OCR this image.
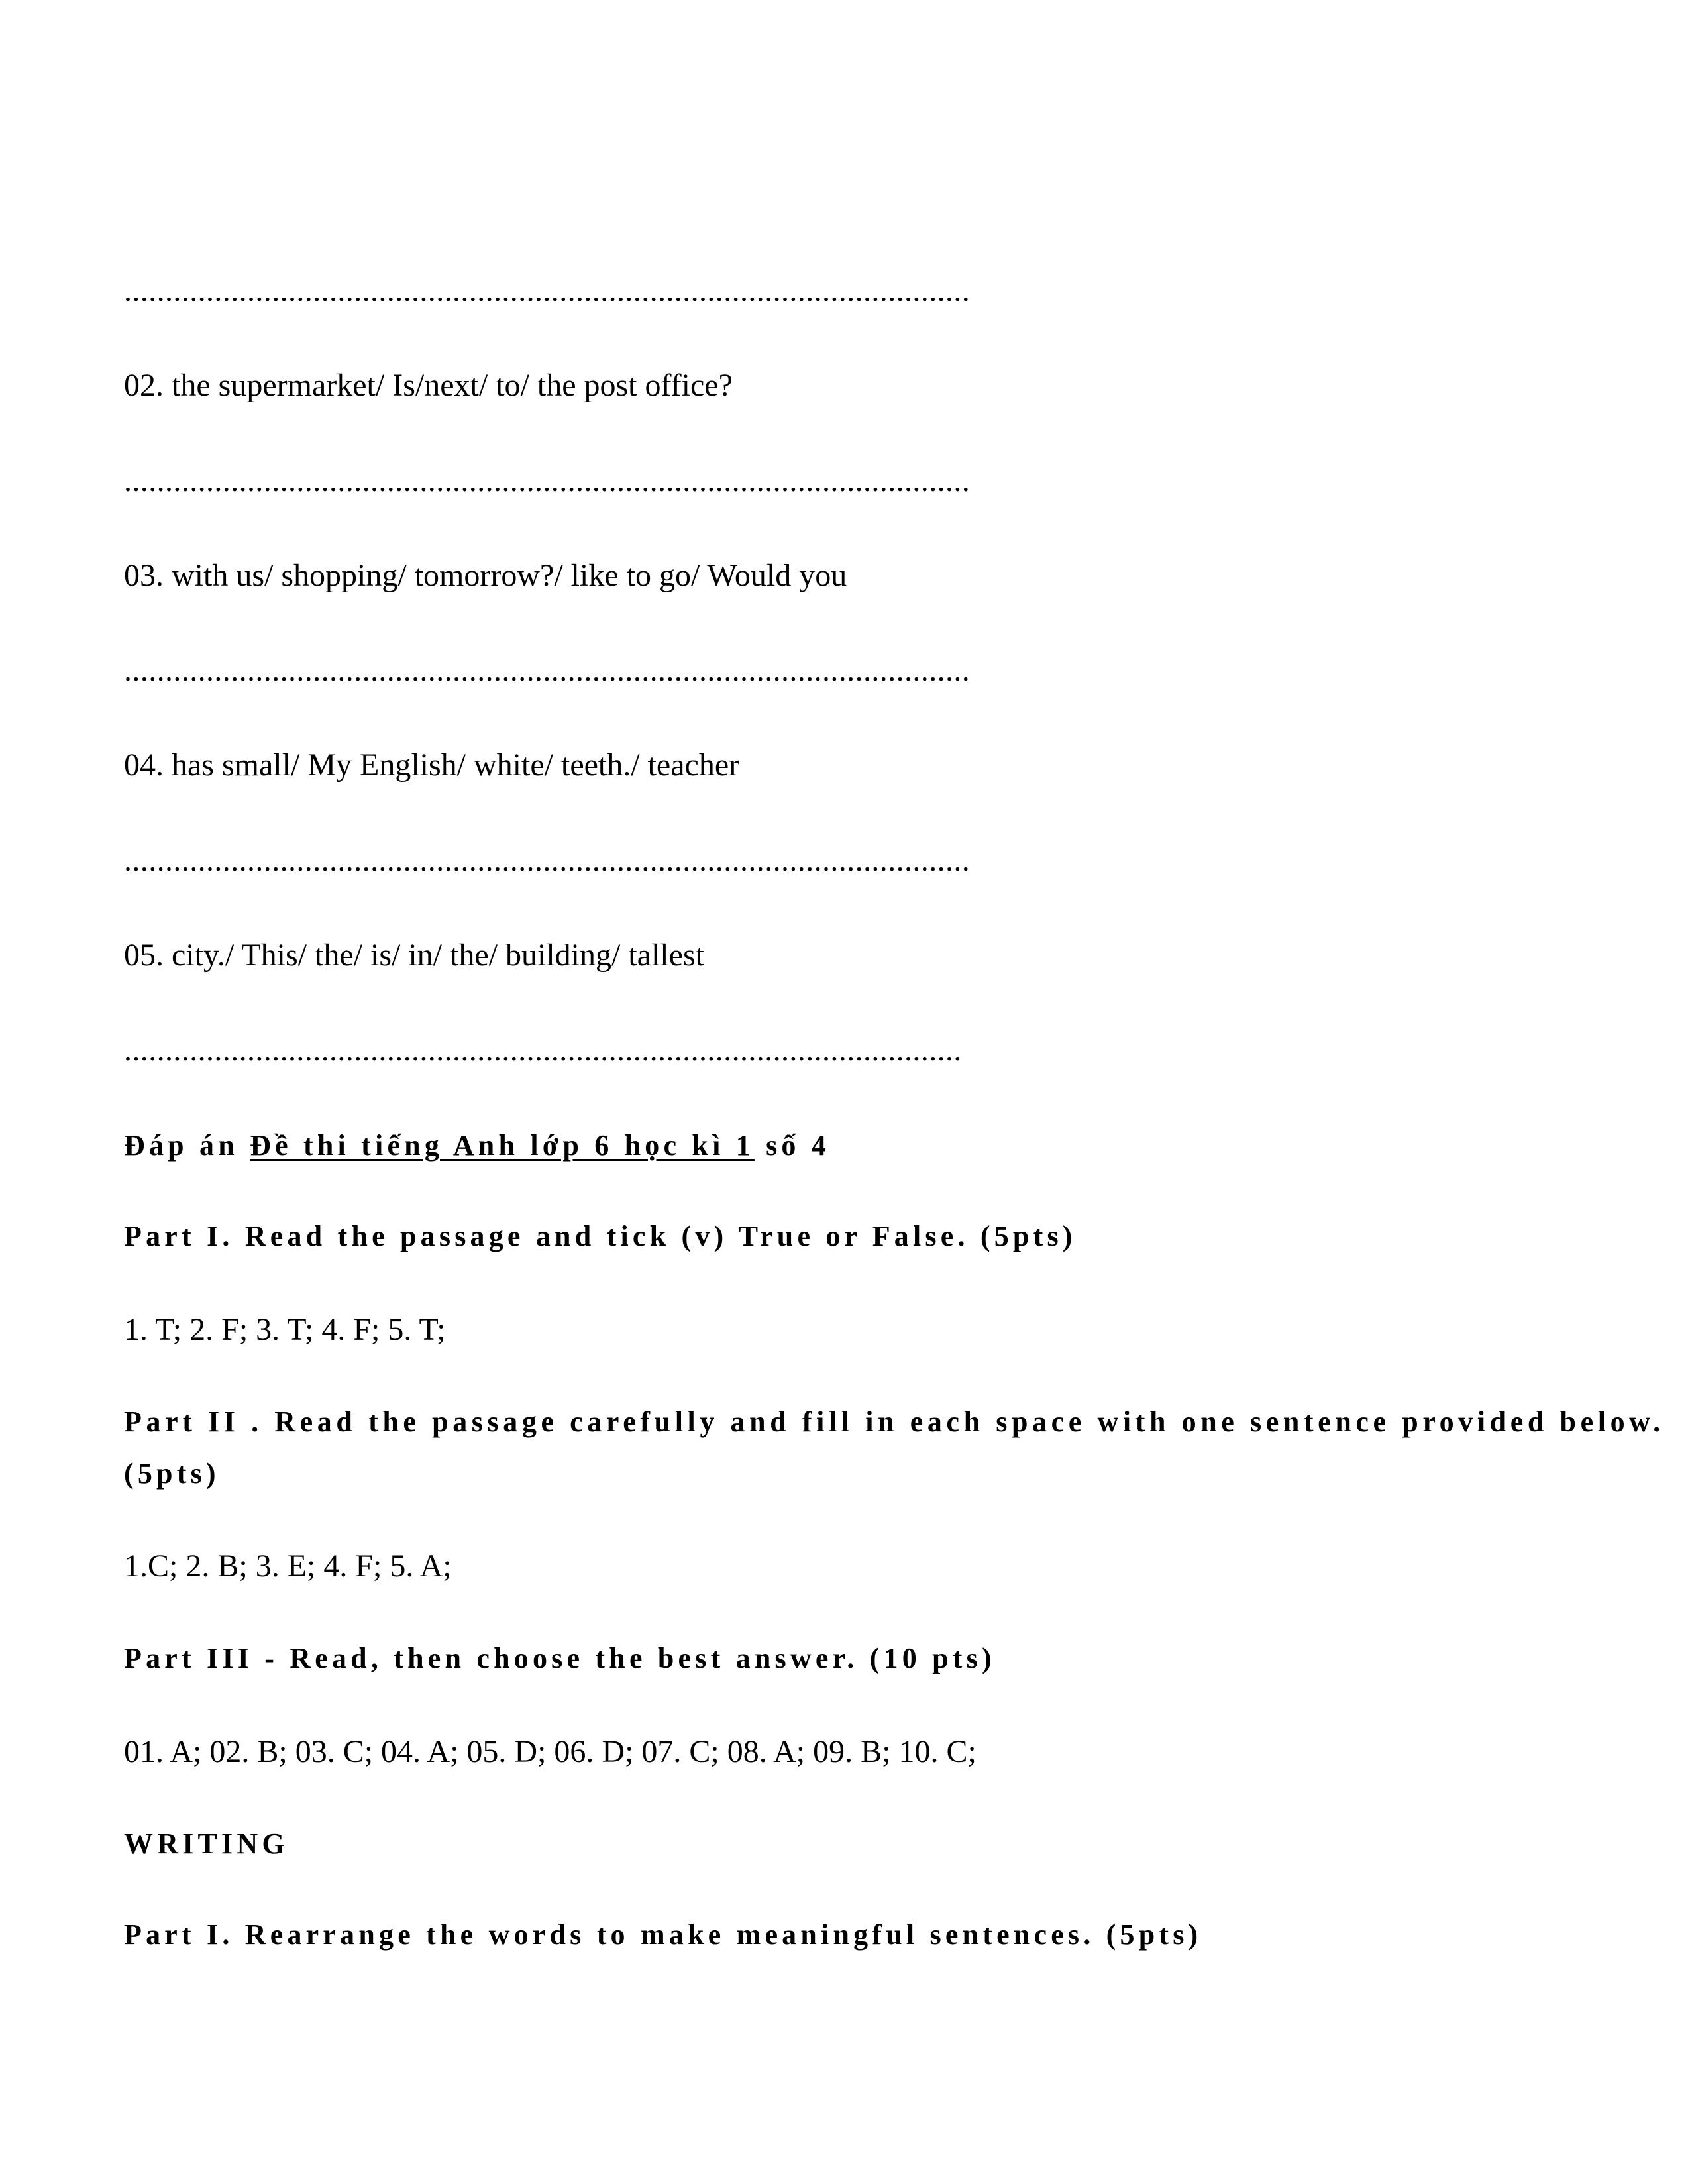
.......................................................................................................
02. the supermarket/ Is/next/ to/ the post office?
.......................................................................................................
03. with us/ shopping/ tomorrow?/ like to go/ Would you
.......................................................................................................
04. has small/ My English/ white/ teeth./ teacher
.......................................................................................................
05. city./ This/ the/ is/ in/ the/ building/ tallest
......................................................................................................
Đáp án Đề thi tiếng Anh lớp 6 học kì 1 số 4
Part I. Read the passage and tick (v) True or False. (5pts)
1. T; 2. F; 3. T; 4. F; 5. T;
Part II . Read the passage carefully and fill in each space with one sentence provided below.
(5pts)
1.C; 2. B; 3. E; 4. F; 5. A;
Part III - Read, then choose the best answer. (10 pts)
01. A; 02. B; 03. C; 04. A; 05. D; 06. D; 07. C; 08. A; 09. B; 10. C;
WRITING
Part I. Rearrange the words to make meaningful sentences. (5pts)
